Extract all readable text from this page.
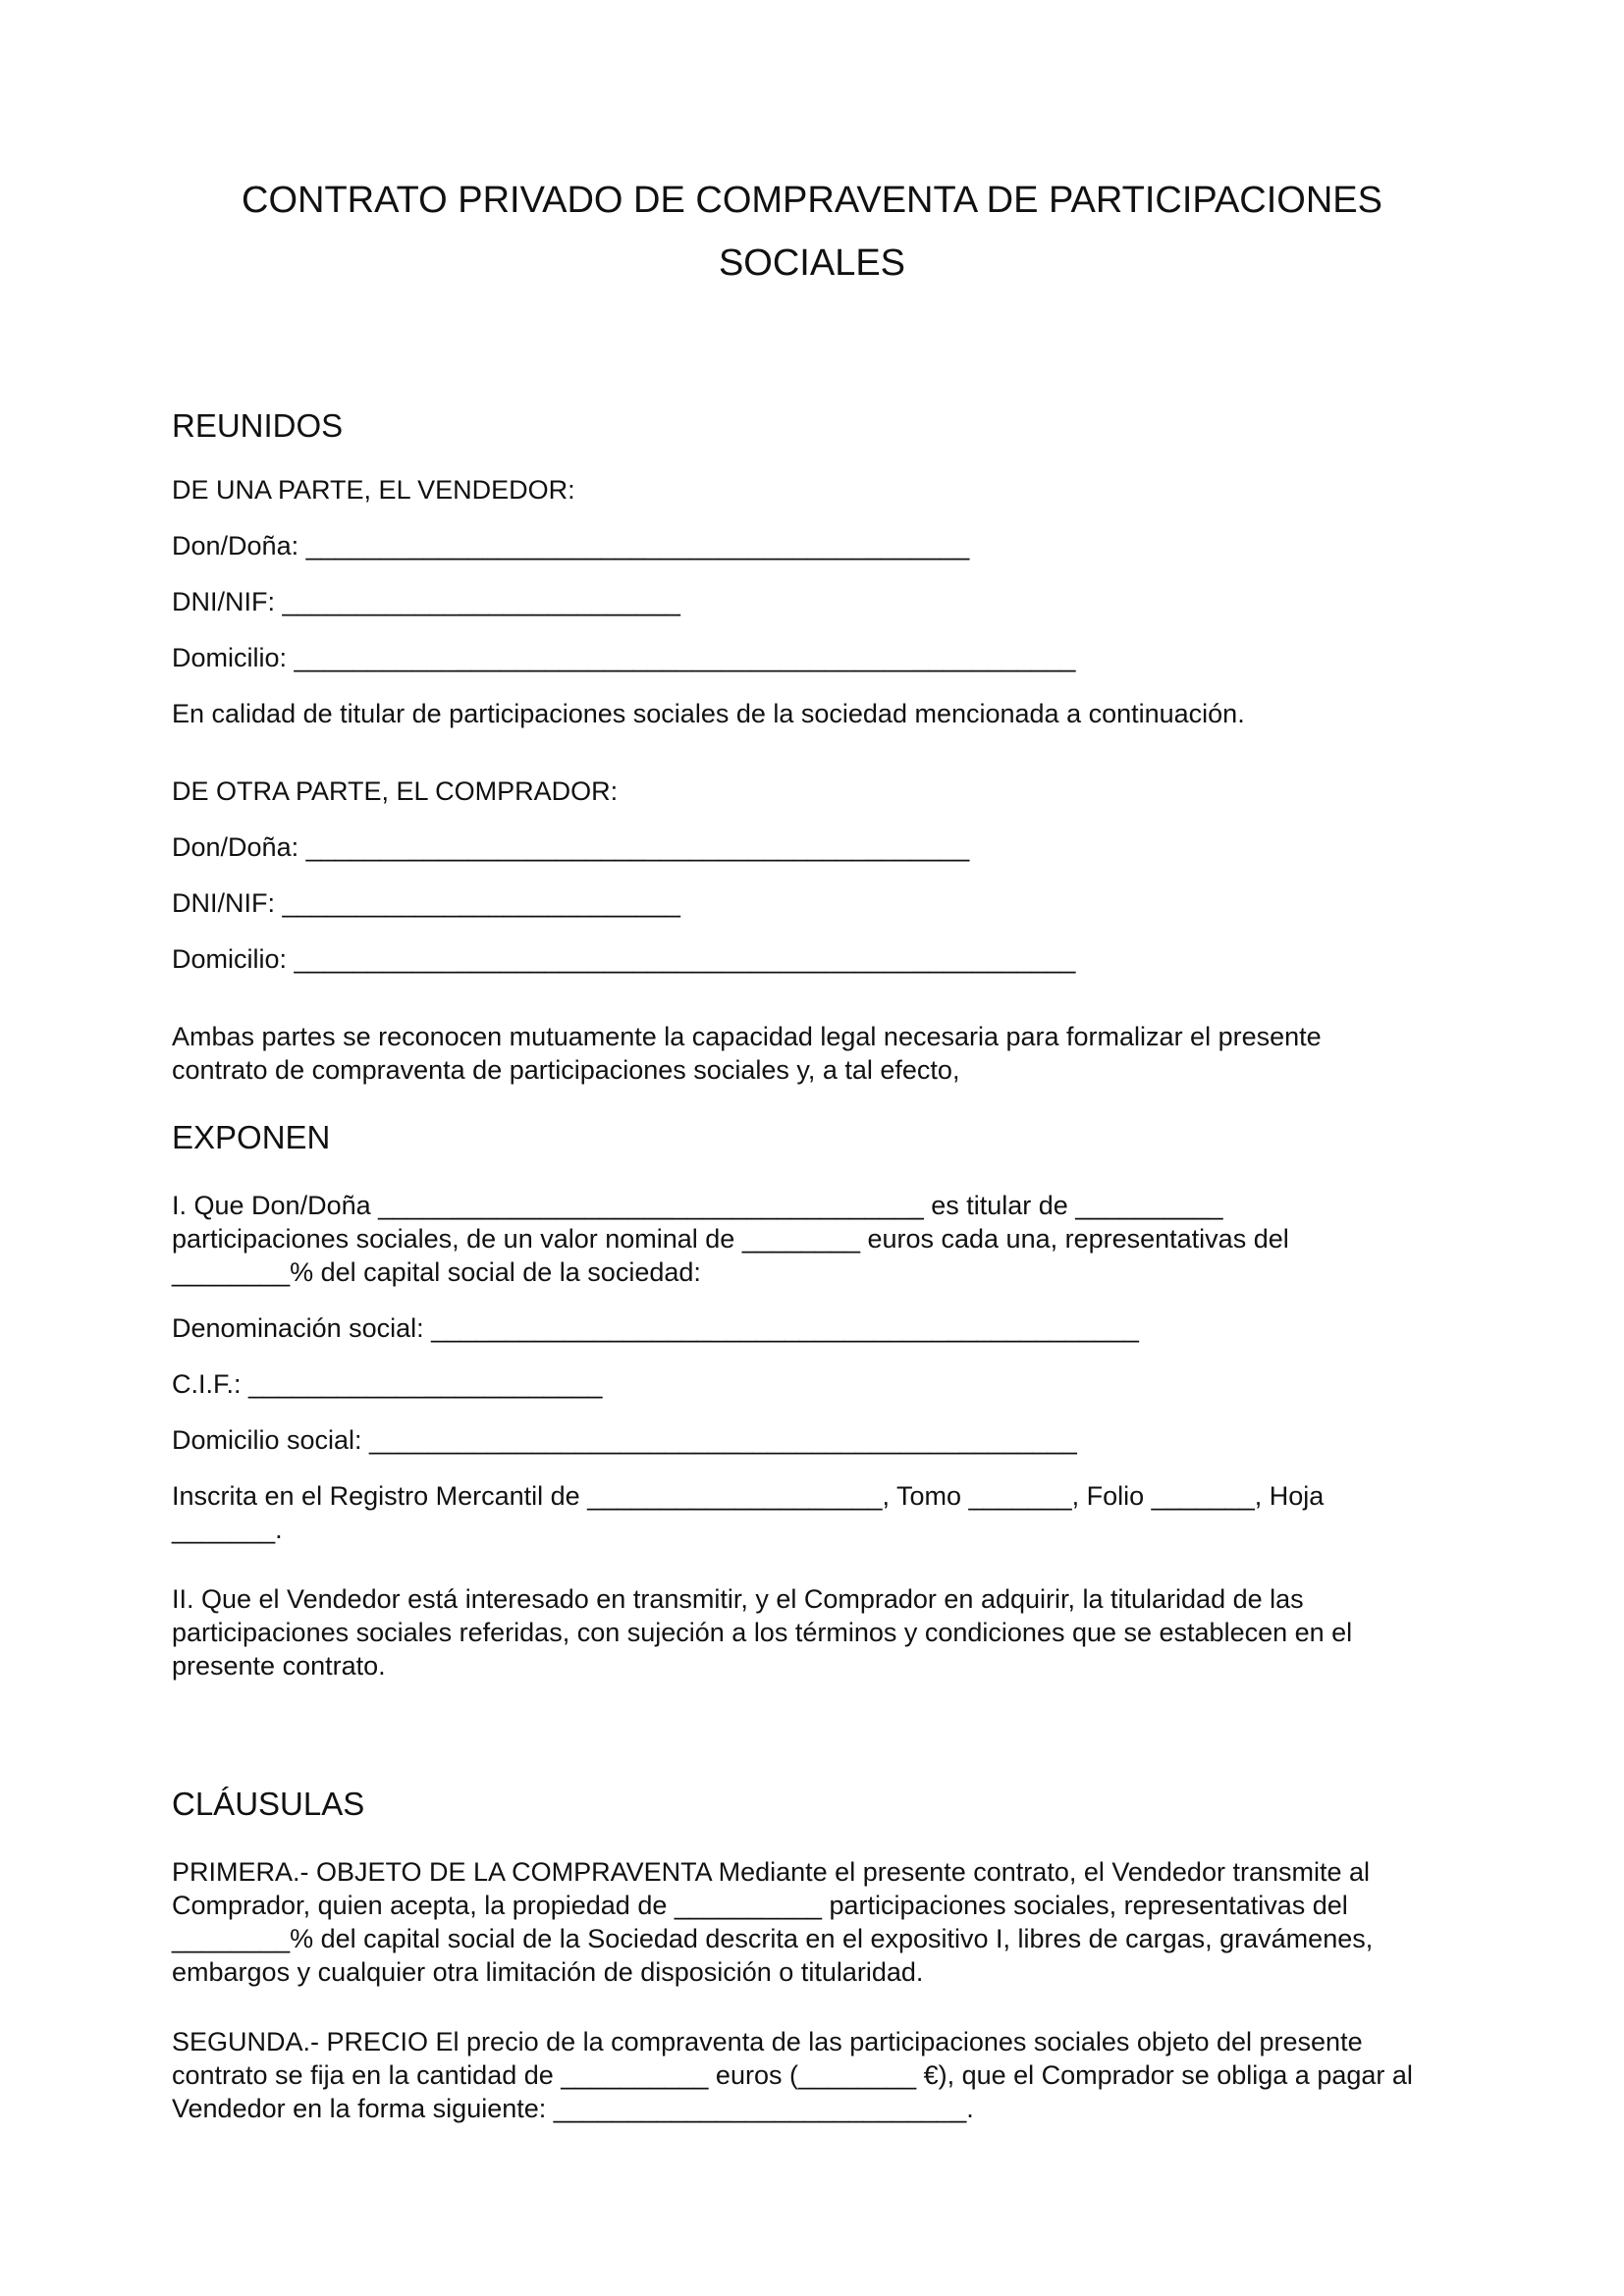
CONTRATO PRIVADO DE COMPRAVENTA DE PARTICIPACIONES
SOCIALES
REUNIDOS

DE UNA PARTE, EL VENDEDOR:

Don/Doña: _____________________________________________

DNI/NIF: ___________________________

Domicilio: _____________________________________________________

En calidad de titular de participaciones sociales de la sociedad mencionada a continuación.

DE OTRA PARTE, EL COMPRADOR:

Don/Doña: _____________________________________________

DNI/NIF: ___________________________

Domicilio: _____________________________________________________

Ambas partes se reconocen mutuamente la capacidad legal necesaria para formalizar el presente
contrato de compraventa de participaciones sociales y, a tal efecto,

EXPONEN

I. Que Don/Doña _____________________________________ es titular de __________
participaciones sociales, de un valor nominal de ________ euros cada una, representativas del
________% del capital social de la sociedad:

Denominación social: ________________________________________________

C.I.F.: ________________________

Domicilio social: ________________________________________________

Inscrita en el Registro Mercantil de ____________________, Tomo _______, Folio _______, Hoja
_______.

II. Que el Vendedor está interesado en transmitir, y el Comprador en adquirir, la titularidad de las
participaciones sociales referidas, con sujeción a los términos y condiciones que se establecen en el
presente contrato.

CLÁUSULAS

PRIMERA.- OBJETO DE LA COMPRAVENTA Mediante el presente contrato, el Vendedor transmite al
Comprador, quien acepta, la propiedad de __________ participaciones sociales, representativas del
________% del capital social de la Sociedad descrita en el expositivo I, libres de cargas, gravámenes,
embargos y cualquier otra limitación de disposición o titularidad.

SEGUNDA.- PRECIO El precio de la compraventa de las participaciones sociales objeto del presente
contrato se fija en la cantidad de __________ euros (________ €), que el Comprador se obliga a pagar al
Vendedor en la forma siguiente: ____________________________.
